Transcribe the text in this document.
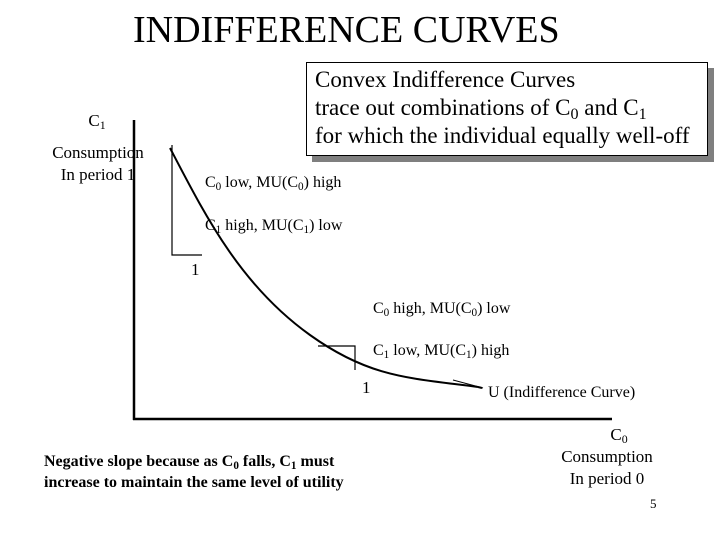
INDIFFERENCE CURVES
Convex Indifference Curves
trace out combinations of $C_0$ and $C_1$
for which the individual equally well-off
$C_1$
Consumption
In period 1
$C_0$
Consumption
In period 0
$C_0$ low, $MU(C_0)$ high
$C_1$ high, $MU(C_1)$ low
1
$C_0$ high, $MU(C_0)$ low
$C_1$ low, $MU(C_1)$ high
1	U (Indifference Curve)
Negative slope because as $C_0$ falls, $C_1$ must
increase to maintain the same level of utility
5
